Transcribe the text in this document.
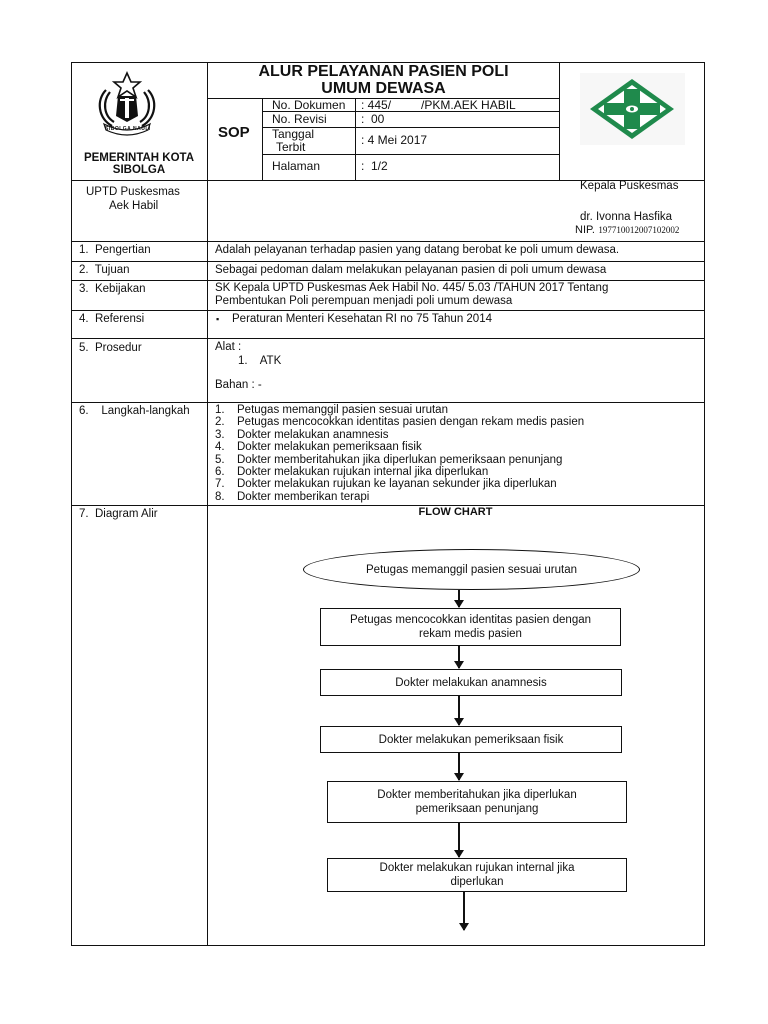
SIBOLGA NAULI
PEMERINTAH KOTA
SIBOLGA
ALUR PELAYANAN PASIEN POLI
UMUM DEWASA
SOP
No. Dokumen : 445/         /PKM.AEK HABIL
No. Revisi	:  00
Tanggal
Terbit	: 4 Mei 2017
Halaman	:  1/2
UPTD Puskesmas
Aek Habil
Kepala Puskesmas
dr. Ivonna Hasfika
NIP. 197710012007102002
1.  Pengertian	Adalah pelayanan terhadap pasien yang datang berobat ke poli umum dewasa.
2.  Tujuan	Sebagai pedoman dalam melakukan pelayanan pasien di poli umum dewasa
3.  Kebijakan	SK Kepala UPTD Puskesmas Aek Habil No. 445/ 5.03 /TAHUN 2017 Tentang
Pembentukan Poli perempuan menjadi poli umum dewasa
4.  Referensi	▪ Peraturan Menteri Kesehatan RI no 75 Tahun 2014
5.  Prosedur	Alat :
1.    ATK
Bahan : -
6.    Langkah-langkah 1. Petugas memanggil pasien sesuai urutan
2. Petugas mencocokkan identitas pasien dengan rekam medis pasien
3. Dokter melakukan anamnesis
4. Dokter melakukan pemeriksaan fisik
5. Dokter memberitahukan jika diperlukan pemeriksaan penunjang
6. Dokter melakukan rujukan internal jika diperlukan
7. Dokter melakukan rujukan ke layanan sekunder jika diperlukan
8. Dokter memberikan terapi
7.  Diagram Alir	FLOW CHART
Petugas memanggil pasien sesuai urutan
Petugas mencocokkan identitas pasien dengan
rekam medis pasien
Dokter melakukan anamnesis
Dokter melakukan pemeriksaan fisik
Dokter memberitahukan jika diperlukan
pemeriksaan penunjang
Dokter melakukan rujukan internal jika
diperlukan
